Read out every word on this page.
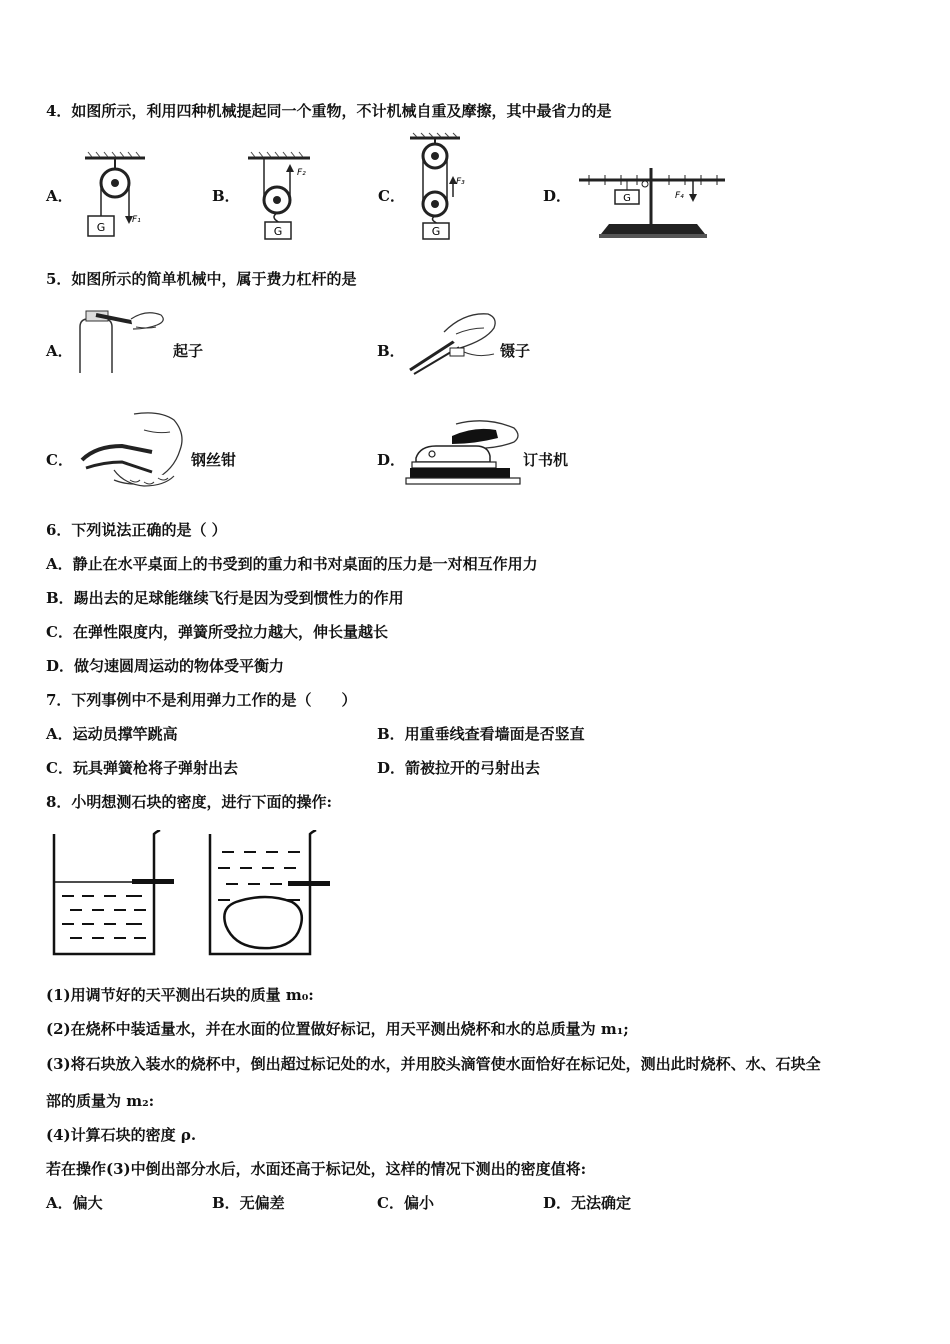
4．如图所示，利用四种机械提起同一个重物，不计机械自重及摩擦，其中最省力的是
A．
G
F₁
B．
G
F₂
C．
G
F₃
D．	G	F₄
5．如图所示的简单机械中，属于费力杠杆的是
A．	起子	B．	镊子
C．	钢丝钳	D．	订书机
6．下列说法正确的是（ ）
A．静止在水平桌面上的书受到的重力和书对桌面的压力是一对相互作用力
B．踢出去的足球能继续飞行是因为受到惯性力的作用
C．在弹性限度内，弹簧所受拉力越大，伸长量越长
D．做匀速圆周运动的物体受平衡力
7．下列事例中不是利用弹力工作的是（　　）
A．运动员撑竿跳高	B．用重垂线查看墙面是否竖直
C．玩具弹簧枪将子弹射出去	D．箭被拉开的弓射出去
8．小明想测石块的密度，进行下面的操作:
(1)用调节好的天平测出石块的质量 m₀:
(2)在烧杯中装适量水，并在水面的位置做好标记，用天平测出烧杯和水的总质量为 m₁;
(3)将石块放入装水的烧杯中，倒出超过标记处的水，并用胶头滴管使水面恰好在标记处，测出此时烧杯、水、石块全
部的质量为 m₂:
(4)计算石块的密度 ρ.
若在操作(3)中倒出部分水后，水面还高于标记处，这样的情况下测出的密度值将:
A．偏大	B．无偏差	C．偏小	D．无法确定
